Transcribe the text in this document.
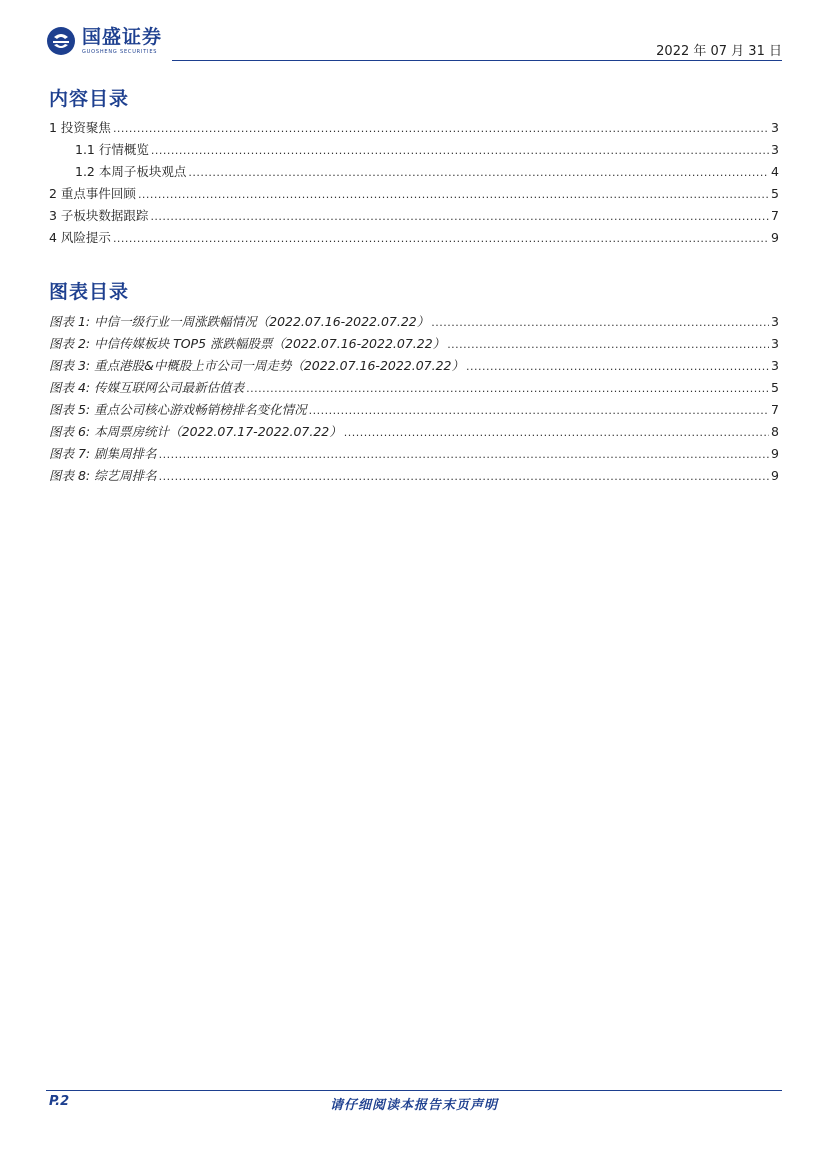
国盛证券
GUOSHENG SECURITIES	2022 年 07 月 31 日
内容目录
1 投资聚焦 .....	3
1.1 行情概览 .....	3
1.2 本周子板块观点 .....	4
2 重点事件回顾 .....	5
3 子板块数据跟踪 .....	7
4 风险提示 .....	9
图表目录
图表 1: 中信一级行业一周涨跌幅情况（2022.07.16-2022.07.22） .....	3
图表 2: 中信传媒板块 TOP5 涨跌幅股票（2022.07.16-2022.07.22） .....	3
图表 3: 重点港股&中概股上市公司一周走势（2022.07.16-2022.07.22） .....	3
图表 4: 传媒互联网公司最新估值表 .....	5
图表 5: 重点公司核心游戏畅销榜排名变化情况 .....	7
图表 6: 本周票房统计（2022.07.17-2022.07.22） .....	8
图表 7: 剧集周排名 .....	9
图表 8: 综艺周排名 .....	9
P.2	请仔细阅读本报告末页声明
